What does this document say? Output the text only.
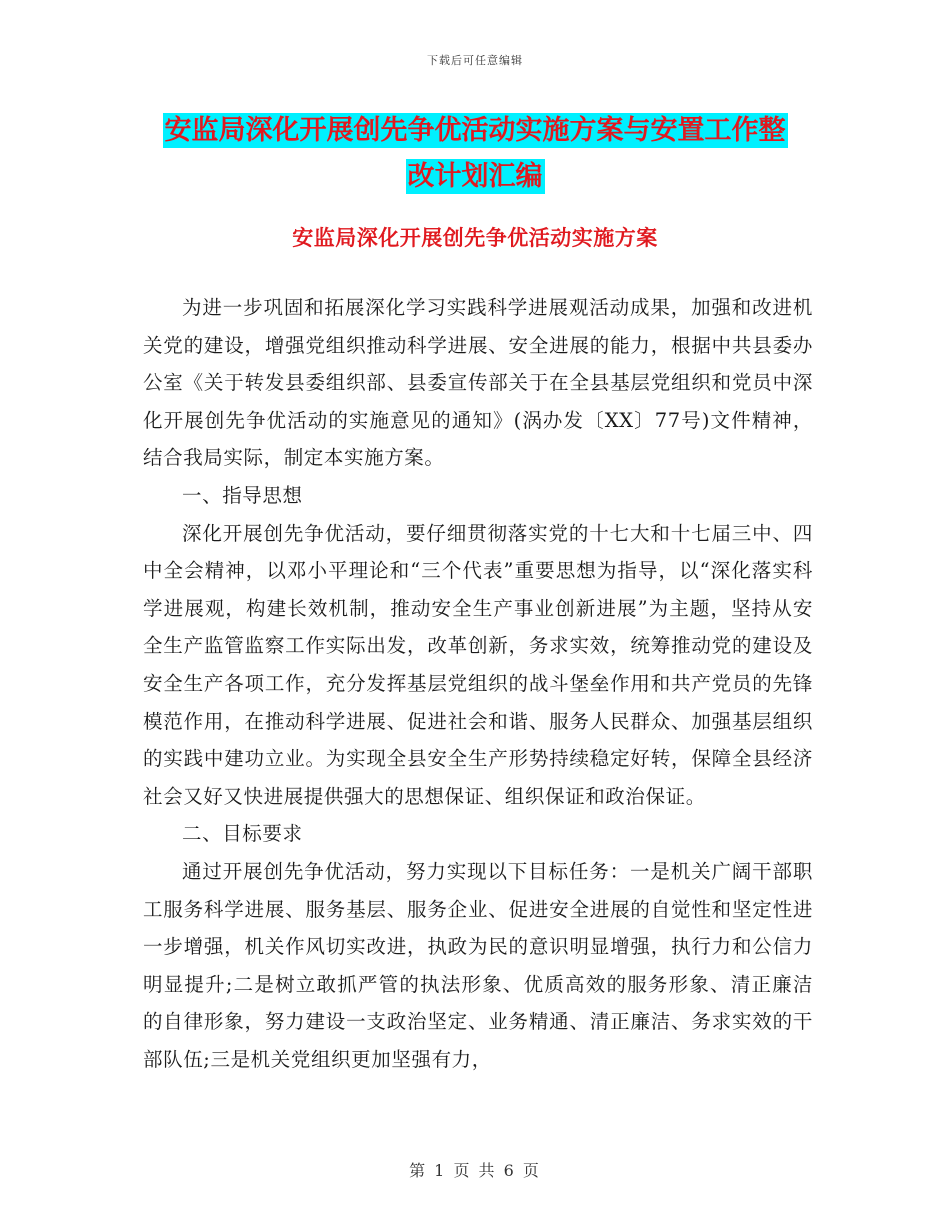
下载后可任意编辑
安监局深化开展创先争优活动实施方案与安置工作整
改计划汇编
安监局深化开展创先争优活动实施方案

为进一步巩固和拓展深化学习实践科学进展观活动成果，加强和改进机关党的建设，增强党组织推动科学进展、安全进展的能力，根据中共县委办公室《关于转发县委组织部、县委宣传部关于在全县基层党组织和党员中深化开展创先争优活动的实施意见的通知》(涡办发〔XX〕77号)文件精神，结合我局实际，制定本实施方案。

一、指导思想

深化开展创先争优活动，要仔细贯彻落实党的十七大和十七届三中、四中全会精神，以邓小平理论和“三个代表”重要思想为指导，以“深化落实科学进展观，构建长效机制，推动安全生产事业创新进展”为主题，坚持从安全生产监管监察工作实际出发，改革创新，务求实效，统筹推动党的建设及安全生产各项工作，充分发挥基层党组织的战斗堡垒作用和共产党员的先锋模范作用，在推动科学进展、促进社会和谐、服务人民群众、加强基层组织的实践中建功立业。为实现全县安全生产形势持续稳定好转，保障全县经济社会又好又快进展提供强大的思想保证、组织保证和政治保证。

二、目标要求

通过开展创先争优活动，努力实现以下目标任务：一是机关广阔干部职工服务科学进展、服务基层、服务企业、促进安全进展的自觉性和坚定性进一步增强，机关作风切实改进，执政为民的意识明显增强，执行力和公信力明显提升;二是树立敢抓严管的执法形象、优质高效的服务形象、清正廉洁的自律形象，努力建设一支政治坚定、业务精通、清正廉洁、务求实效的干部队伍;三是机关党组织更加坚强有力，

第 1 页 共 6 页
